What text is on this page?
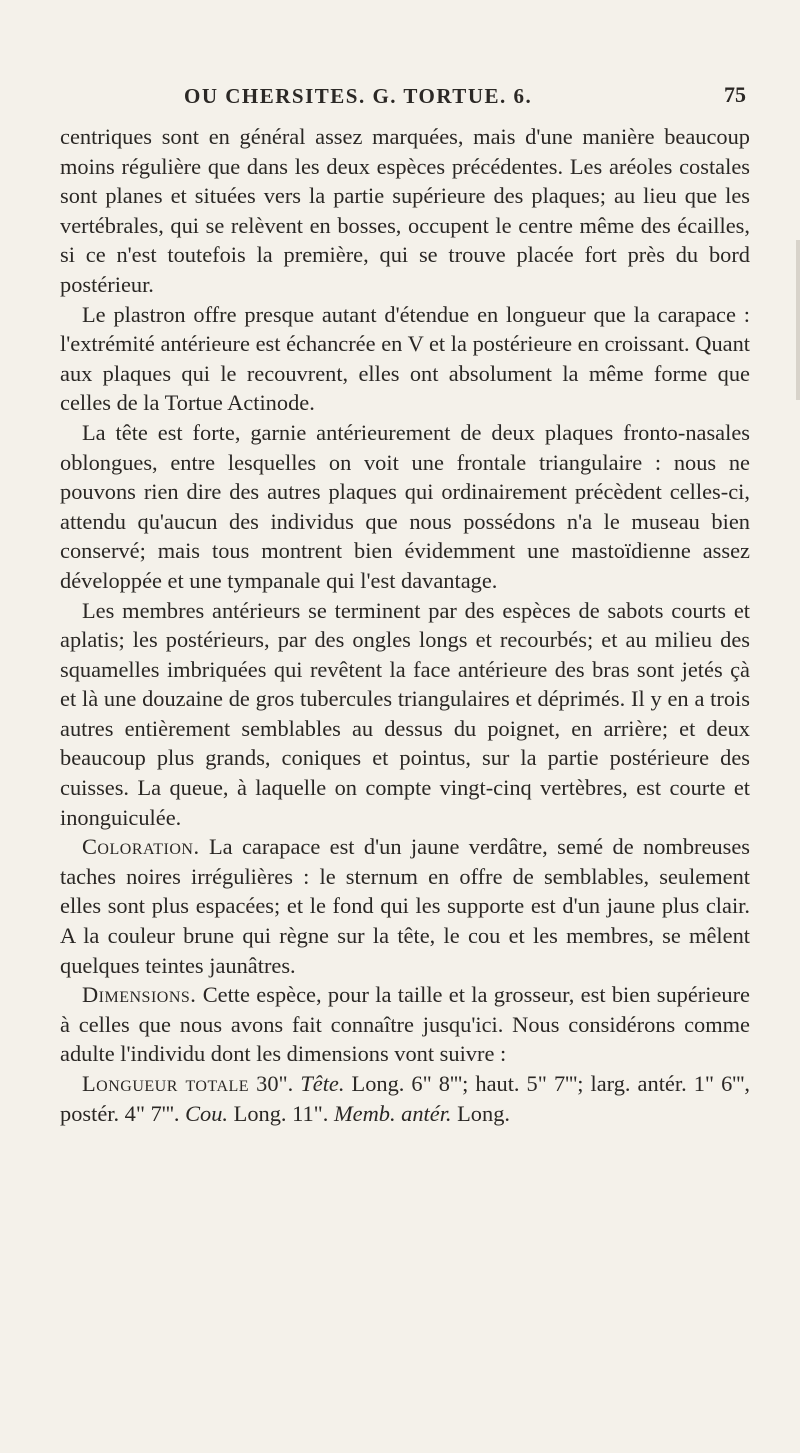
OU CHERSITES. G. TORTUE. 6.	75

centriques sont en général assez marquées, mais d'une manière beaucoup moins régulière que dans les deux espèces précédentes. Les aréoles costales sont planes et situées vers la partie supérieure des plaques; au lieu que les vertébrales, qui se relèvent en bosses, occupent le centre même des écailles, si ce n'est toutefois la première, qui se trouve placée fort près du bord postérieur.

Le plastron offre presque autant d'étendue en longueur que la carapace : l'extrémité antérieure est échancrée en V et la postérieure en croissant. Quant aux plaques qui le recouvrent, elles ont absolument la même forme que celles de la Tortue Actinode.

La tête est forte, garnie antérieurement de deux plaques fronto-nasales oblongues, entre lesquelles on voit une frontale triangulaire : nous ne pouvons rien dire des autres plaques qui ordinairement précèdent celles-ci, attendu qu'aucun des individus que nous possédons n'a le museau bien conservé; mais tous montrent bien évidemment une mastoïdienne assez développée et une tympanale qui l'est davantage.

Les membres antérieurs se terminent par des espèces de sabots courts et aplatis; les postérieurs, par des ongles longs et recourbés; et au milieu des squamelles imbriquées qui revêtent la face antérieure des bras sont jetés çà et là une douzaine de gros tubercules triangulaires et déprimés. Il y en a trois autres entièrement semblables au dessus du poignet, en arrière; et deux beaucoup plus grands, coniques et pointus, sur la partie postérieure des cuisses. La queue, à laquelle on compte vingt-cinq vertèbres, est courte et inonguiculée.

Coloration. La carapace est d'un jaune verdâtre, semé de nombreuses taches noires irrégulières : le sternum en offre de semblables, seulement elles sont plus espacées; et le fond qui les supporte est d'un jaune plus clair. A la couleur brune qui règne sur la tête, le cou et les membres, se mêlent quelques teintes jaunâtres.

Dimensions. Cette espèce, pour la taille et la grosseur, est bien supérieure à celles que nous avons fait connaître jusqu'ici. Nous considérons comme adulte l'individu dont les dimensions vont suivre :

Longueur totale 30". Tête. Long. 6" 8'''; haut. 5" 7'''; larg. antér. 1" 6''', postér. 4" 7'''. Cou. Long. 11". Memb. antér. Long.
